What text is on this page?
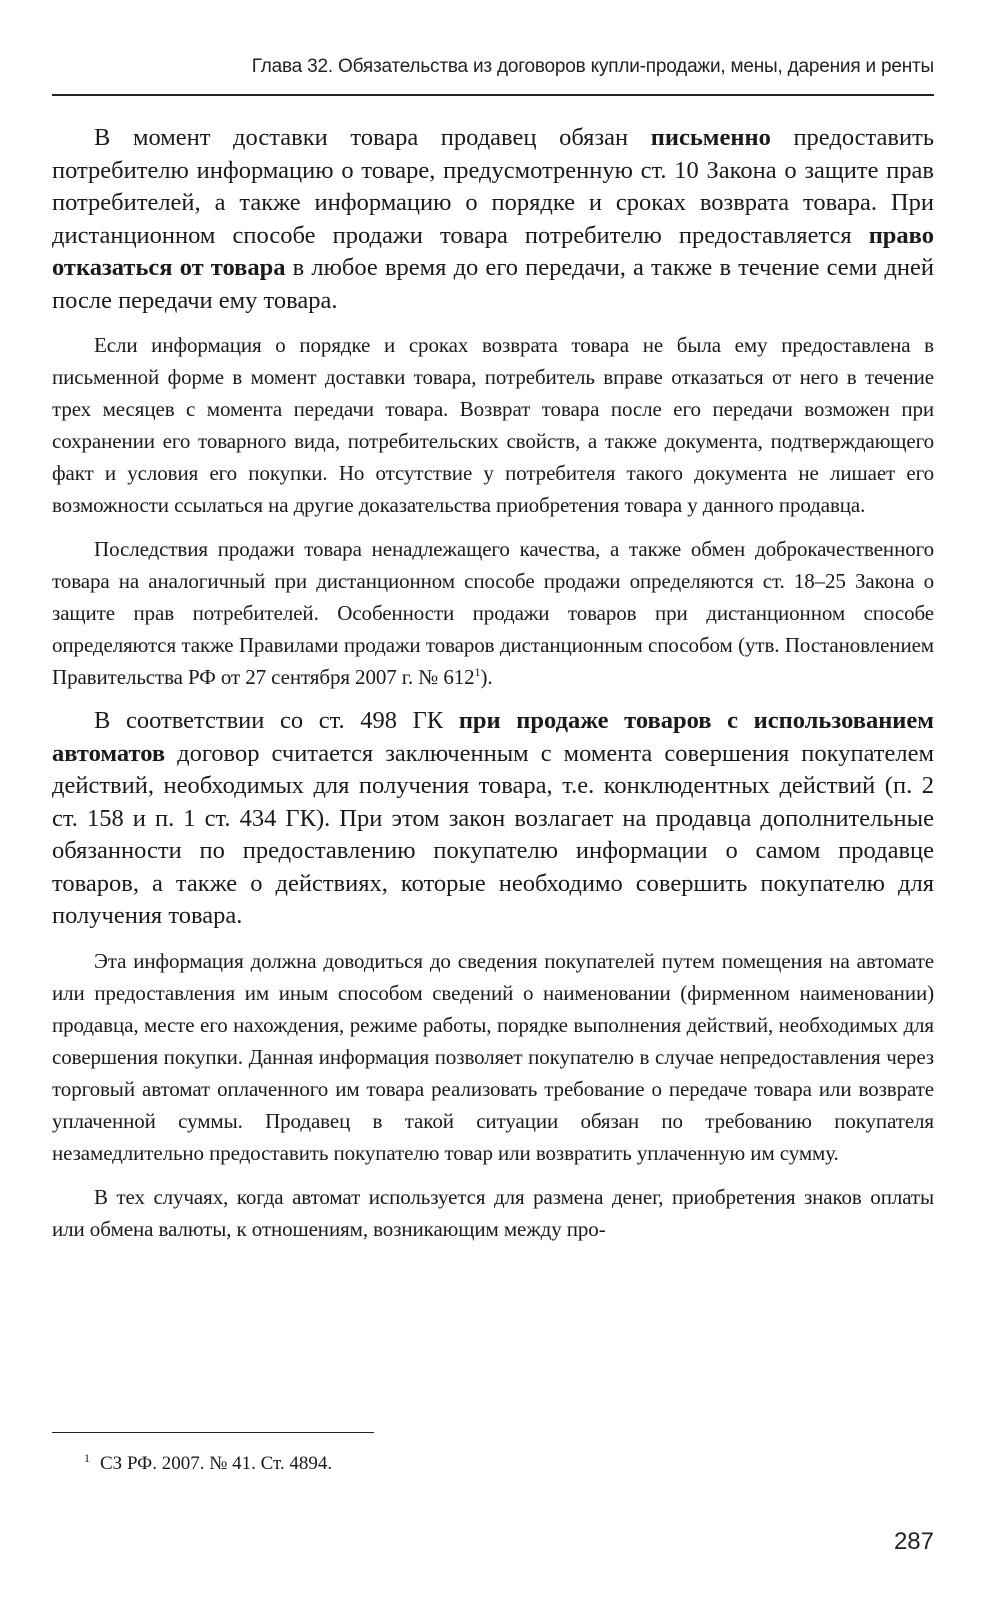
Глава 32. Обязательства из договоров купли-продажи, мены, дарения и ренты

В момент доставки товара продавец обязан письменно предоставить потребителю информацию о товаре, предусмотренную ст. 10 Закона о защите прав потребителей, а также информацию о порядке и сроках возврата товара. При дистанционном способе продажи товара потребителю предоставляется право отказаться от товара в любое время до его передачи, а также в течение семи дней после передачи ему товара.

Если информация о порядке и сроках возврата товара не была ему предоставлена в письменной форме в момент доставки товара, потребитель вправе отказаться от него в течение трех месяцев с момента передачи товара. Возврат товара после его передачи возможен при сохранении его товарного вида, потребительских свойств, а также документа, подтверждающего факт и условия его покупки. Но отсутствие у потребителя такого документа не лишает его возможности ссылаться на другие доказательства приобретения товара у данного продавца.

Последствия продажи товара ненадлежащего качества, а также обмен доброкачественного товара на аналогичный при дистанционном способе продажи определяются ст. 18–25 Закона о защите прав потребителей. Особенности продажи товаров при дистанционном способе определяются также Правилами продажи товаров дистанционным способом (утв. Постановлением Правительства РФ от 27 сентября 2007 г. № $612^1$).

В соответствии со ст. 498 ГК при продаже товаров с использованием автоматов договор считается заключенным с момента совершения покупателем действий, необходимых для получения товара, т.е. конклюдентных действий (п. 2 ст. 158 и п. 1 ст. 434 ГК). При этом закон возлагает на продавца дополнительные обязанности по предоставлению покупателю информации о самом продавце товаров, а также о действиях, которые необходимо совершить покупателю для получения товара.

Эта информация должна доводиться до сведения покупателей путем помещения на автомате или предоставления им иным способом сведений о наименовании (фирменном наименовании) продавца, месте его нахождения, режиме работы, порядке выполнения действий, необходимых для совершения покупки. Данная информация позволяет покупателю в случае непредоставления через торговый автомат оплаченного им товара реализовать требование о передаче товара или возврате уплаченной суммы. Продавец в такой ситуации обязан по требованию покупателя незамедлительно предоставить покупателю товар или возвратить уплаченную им сумму.

В тех случаях, когда автомат используется для размена денег, приобретения знаков оплаты или обмена валюты, к отношениям, возникающим между про-

$^1$ СЗ РФ. 2007. № 41. Ст. 4894.
287
